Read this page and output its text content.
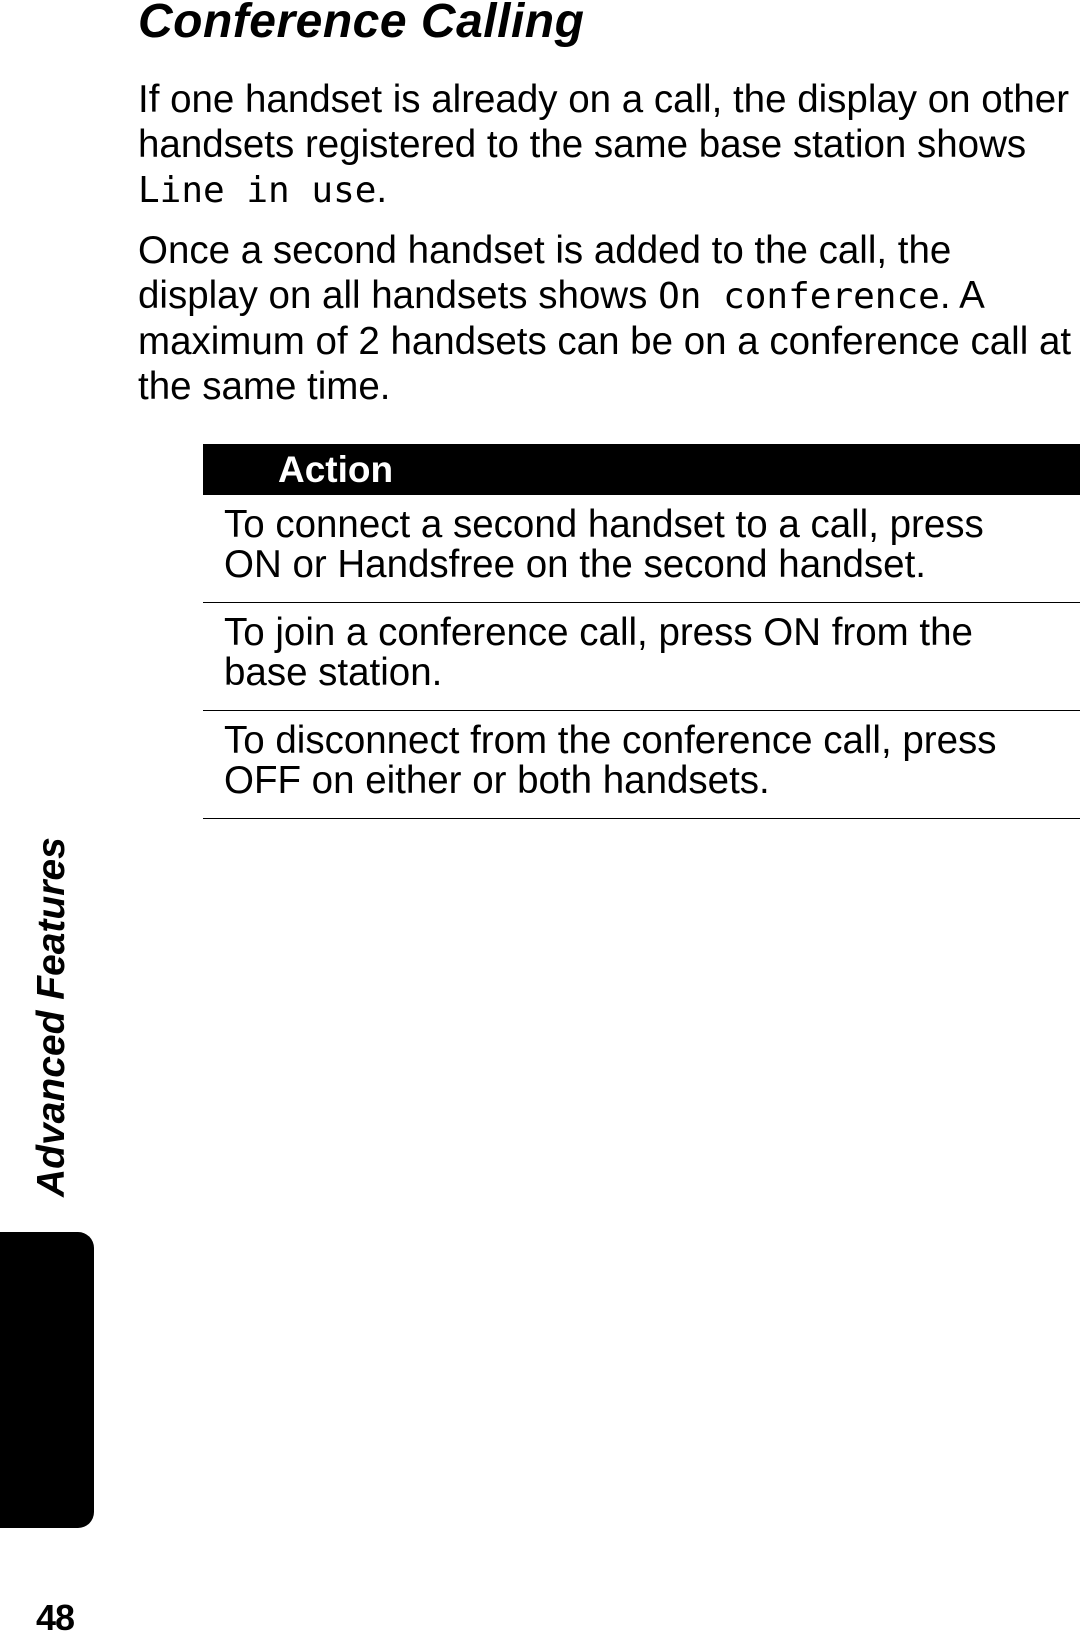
Conference Calling

If one handset is already on a call, the display on other handsets registered to the same base station shows Line in use.

Once a second handset is added to the call, the display on all handsets shows On conference. A maximum of 2 handsets can be on a conference call at the same time.

Action
To connect a second handset to a call, press ON or Handsfree on the second handset.
To join a conference call, press ON from the base station.
To disconnect from the conference call, press OFF on either or both handsets.
Advanced Features
48
